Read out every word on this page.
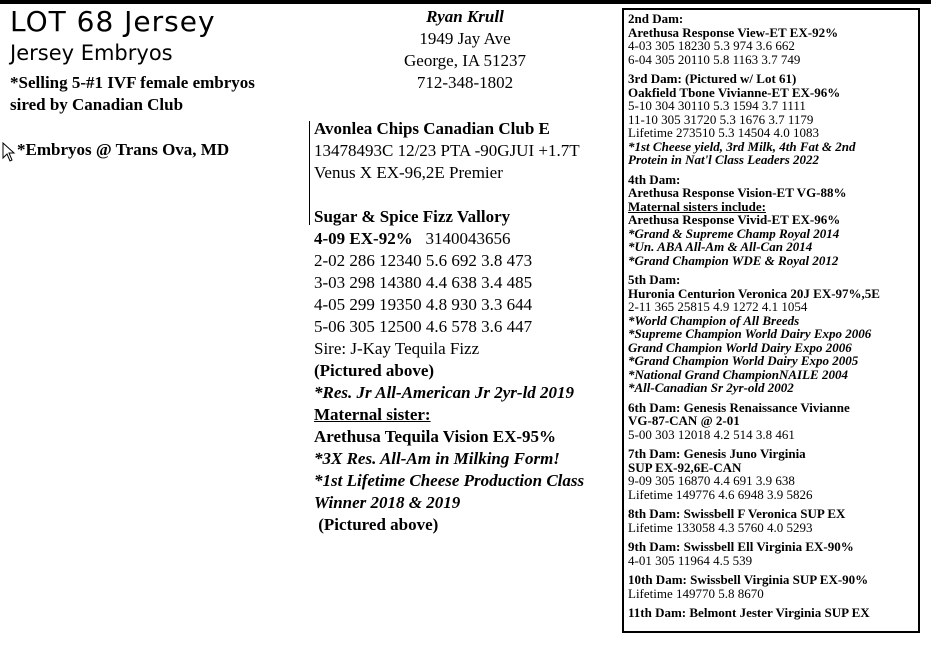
LOT 68 Jersey
Jersey Embryos
*Selling 5-#1 IVF female embryos
sired by Canadian Club
*Embryos @ Trans Ova, MD
Ryan Krull
1949 Jay Ave
George, IA 51237
712-348-1802
Avonlea Chips Canadian Club E
13478493C 12/23 PTA -90GJUI +1.7T
Venus X EX-96,2E Premier
Sugar & Spice Fizz Vallory
4-09 EX-92% 3140043656
2-02 286 12340 5.6 692 3.8 473
3-03 298 14380 4.4 638 3.4 485
4-05 299 19350 4.8 930 3.3 644
5-06 305 12500 4.6 578 3.6 447
Sire: J-Kay Tequila Fizz
(Pictured above)
*Res. Jr All-American Jr 2yr-ld 2019
Maternal sister:
Arethusa Tequila Vision EX-95%
*3X Res. All-Am in Milking Form!
*1st Lifetime Cheese Production Class
Winner 2018 & 2019
(Pictured above)
2nd Dam:
Arethusa Response View-ET EX-92%
4-03 305 18230 5.3 974 3.6 662
6-04 305 20110 5.8 1163 3.7 749
3rd Dam: (Pictured w/ Lot 61)
Oakfield Tbone Vivianne-ET EX-96%
5-10 304 30110 5.3 1594 3.7 1111
11-10 305 31720 5.3 1676 3.7 1179
Lifetime 273510 5.3 14504 4.0 1083
*1st Cheese yield, 3rd Milk, 4th Fat & 2nd
Protein in Nat'l Class Leaders 2022
4th Dam:
Arethusa Response Vision-ET VG-88%
Maternal sisters include:
Arethusa Response Vivid-ET EX-96%
*Grand & Supreme Champ Royal 2014
*Un. ABA All-Am & All-Can 2014
*Grand Champion WDE & Royal 2012
5th Dam:
Huronia Centurion Veronica 20J EX-97%,5E
2-11 365 25815 4.9 1272 4.1 1054
*World Champion of All Breeds
*Supreme Champion World Dairy Expo 2006
Grand Champion World Dairy Expo 2006
*Grand Champion World Dairy Expo 2005
*National Grand ChampionNAILE 2004
*All-Canadian Sr 2yr-old 2002
6th Dam: Genesis Renaissance Vivianne
VG-87-CAN @ 2-01
5-00 303 12018 4.2 514 3.8 461
7th Dam: Genesis Juno Virginia
SUP EX-92,6E-CAN
9-09 305 16870 4.4 691 3.9 638
Lifetime 149776 4.6 6948 3.9 5826
8th Dam: Swissbell F Veronica SUP EX
Lifetime 133058 4.3 5760 4.0 5293
9th Dam: Swissbell Ell Virginia EX-90%
4-01 305 11964 4.5 539
10th Dam: Swissbell Virginia SUP EX-90%
Lifetime 149770 5.8 8670
11th Dam: Belmont Jester Virginia SUP EX
